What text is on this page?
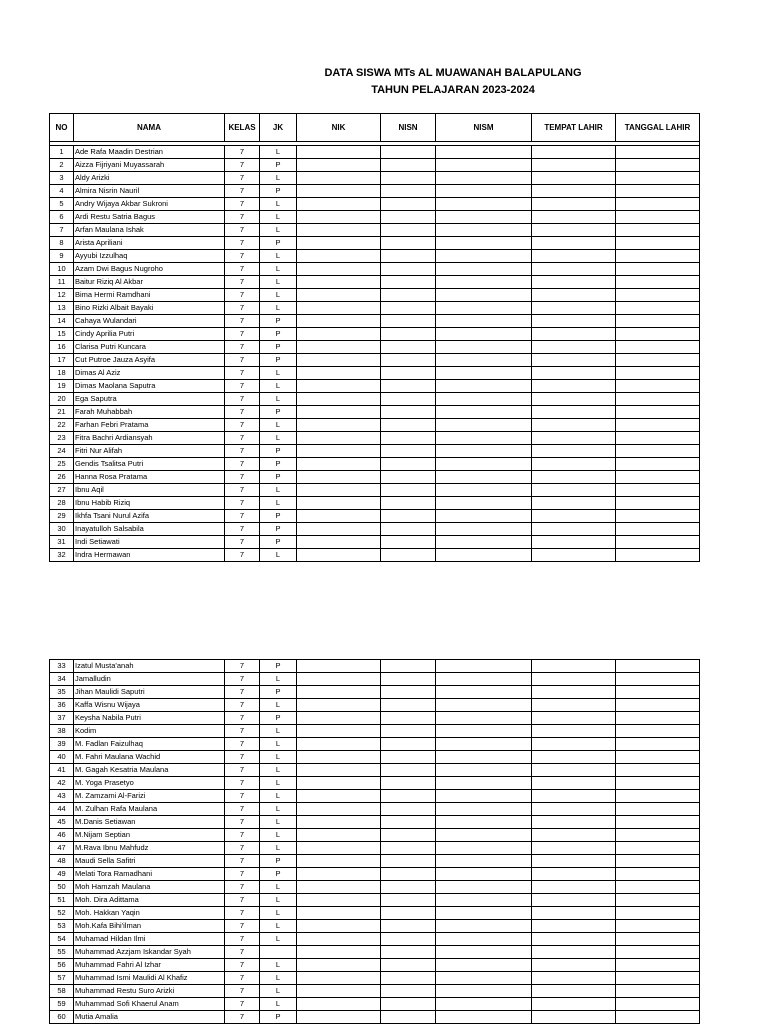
DATA SISWA MTs AL MUAWANAH BALAPULANG
TAHUN PELAJARAN 2023-2024
NO	NAMA	KELAS	JK	NIK	NISN	NISM	TEMPAT LAHIR	TANGGAL LAHIR

1	Ade Rafa Maadin Destrian	7	L					
2	Aizza Fijriyani Muyassarah	7	P					
3	Aldy Arizki	7	L					
4	Almira Nisrin Nauril	7	P					
5	Andry Wijaya Akbar Sukroni	7	L					
6	Ardi Restu Satria Bagus	7	L					
7	Arfan Maulana Ishak	7	L					
8	Arista Apriliani	7	P					
9	Ayyubi Izzulhaq	7	L					
10	Azam Dwi Bagus Nugroho	7	L					
11	Baitur Riziq Al Akbar	7	L					
12	Bima Hermi Ramdhani	7	L					
13	Bino Rizki Albait Bayaki	7	L					
14	Cahaya Wulandari	7	P					
15	Cindy Aprilia Putri	7	P					
16	Clarisa Putri Kuncara	7	P					
17	Cut Putroe Jauza Asyifa	7	P					
18	Dimas Al Aziz	7	L					
19	Dimas Maolana Saputra	7	L					
20	Ega Saputra	7	L					
21	Farah Muhabbah	7	P					
22	Farhan Febri Pratama	7	L					
23	Fitra Bachri Ardiansyah	7	L					
24	Fitri Nur Alifah	7	P					
25	Gendis Tsalitsa Putri	7	P					
26	Hanna Rosa Pratama	7	P					
27	Ibnu Aqil	7	L					
28	Ibnu Habib Riziq	7	L					
29	Ikhfa Tsani Nurul Azifa	7	P					
30	Inayatulloh Salsabila	7	P					
31	Indi Setiawati	7	P					
32	Indra Hermawan	7	L					
33	Izatul Musta'anah	7	P					
34	Jamalludin	7	L					
35	Jihan Maulidi Saputri	7	P					
36	Kaffa Wisnu Wijaya	7	L					
37	Keysha Nabila Putri	7	P					
38	Kodim	7	L					
39	M. Fadlan Faizulhaq	7	L					
40	M. Fahri Maulana Wachid	7	L					
41	M. Gagah Kesatria Maulana	7	L					
42	M. Yoga Prasetyo	7	L					
43	M. Zamzami Al-Farizi	7	L					
44	M. Zulhan Rafa Maulana	7	L					
45	M.Danis Setiawan	7	L					
46	M.Nijam Septian	7	L					
47	M.Rava Ibnu Mahfudz	7	L					
48	Maudi Sella Safitri	7	P					
49	Melati Tora Ramadhani	7	P					
50	Moh Hamzah Maulana	7	L					
51	Moh. Dira Adittama	7	L					
52	Moh. Hakkan Yaqin	7	L					
53	Moh.Kafa Bihi'ilman	7	L					
54	Muhamad Hildan Ilmi	7	L					
55	Muhammad Azzjam Iskandar Syah	7						
56	Muhammad Fahri Al Izhar	7	L					
57	Muhammad Ismi Maulidi Al Khafiz	7	L					
58	Muhammad Restu Suro Arizki	7	L					
59	Muhammad Sofi Khaerul Anam	7	L					
60	Mutia Amalia	7	P					
